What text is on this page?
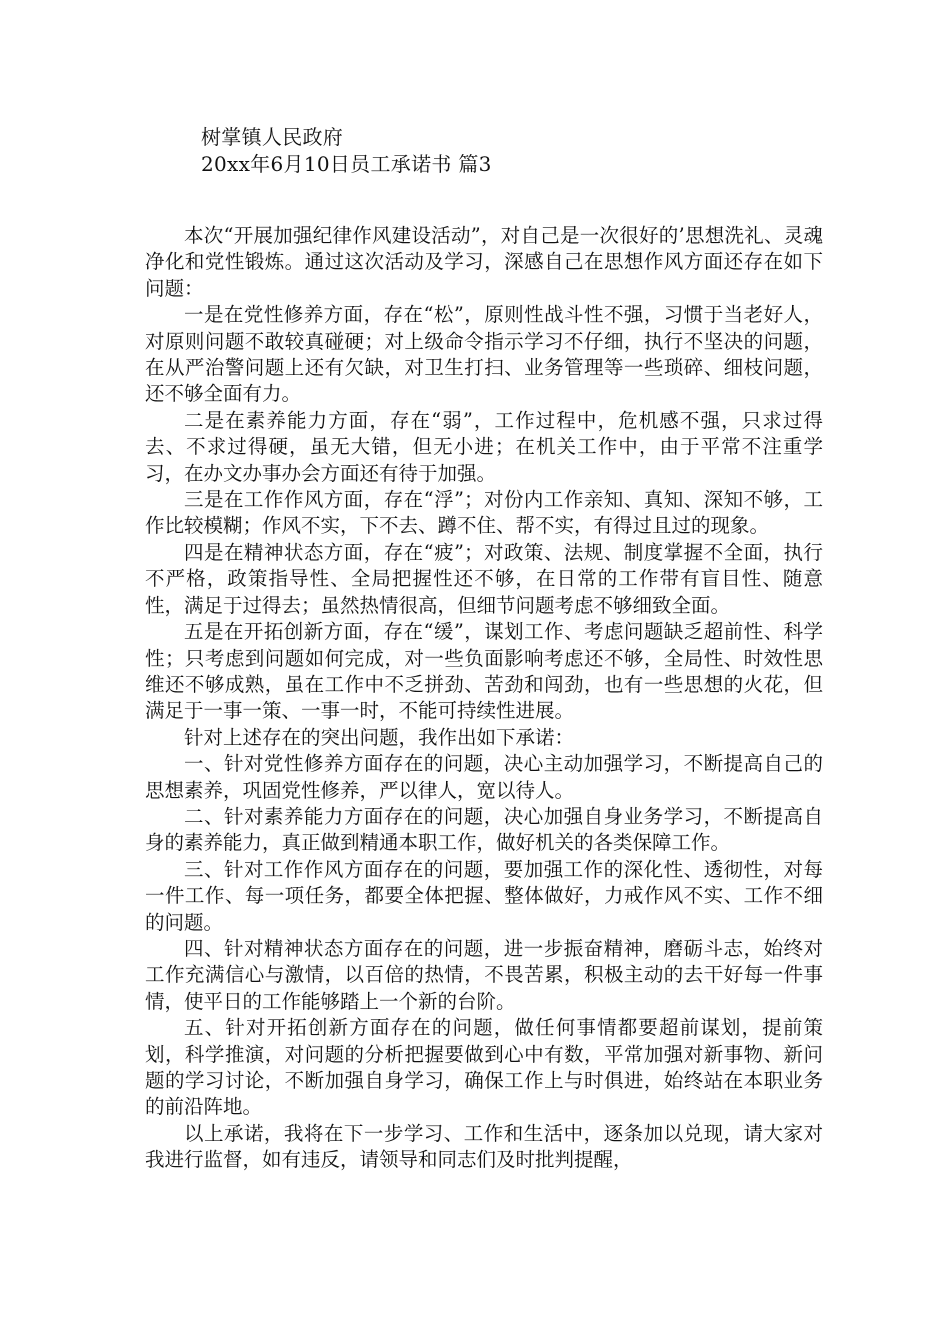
树掌镇人民政府
20xx年6月10日员工承诺书 篇3

本次“开展加强纪律作风建设活动”，对自己是一次很好的’思想洗礼、灵魂净化和党性锻炼。通过这次活动及学习，深感自己在思想作风方面还存在如下问题：

一是在党性修养方面，存在“松”，原则性战斗性不强，习惯于当老好人，对原则问题不敢较真碰硬；对上级命令指示学习不仔细，执行不坚决的问题，在从严治警问题上还有欠缺，对卫生打扫、业务管理等一些琐碎、细枝问题，还不够全面有力。

二是在素养能力方面，存在“弱”，工作过程中，危机感不强，只求过得去、不求过得硬，虽无大错，但无小进；在机关工作中，由于平常不注重学习，在办文办事办会方面还有待于加强。

三是在工作作风方面，存在“浮”；对份内工作亲知、真知、深知不够，工作比较模糊；作风不实，下不去、蹲不住、帮不实，有得过且过的现象。

四是在精神状态方面，存在“疲”；对政策、法规、制度掌握不全面，执行不严格，政策指导性、全局把握性还不够，在日常的工作带有盲目性、随意性，满足于过得去；虽然热情很高，但细节问题考虑不够细致全面。

五是在开拓创新方面，存在“缓”，谋划工作、考虑问题缺乏超前性、科学性；只考虑到问题如何完成，对一些负面影响考虑还不够，全局性、时效性思维还不够成熟，虽在工作中不乏拼劲、苦劲和闯劲，也有一些思想的火花，但满足于一事一策、一事一时，不能可持续性进展。

针对上述存在的突出问题，我作出如下承诺：

一、针对党性修养方面存在的问题，决心主动加强学习，不断提高自己的思想素养，巩固党性修养，严以律人，宽以待人。

二、针对素养能力方面存在的问题，决心加强自身业务学习，不断提高自身的素养能力，真正做到精通本职工作，做好机关的各类保障工作。

三、针对工作作风方面存在的问题，要加强工作的深化性、透彻性，对每一件工作、每一项任务，都要全体把握、整体做好，力戒作风不实、工作不细的问题。

四、针对精神状态方面存在的问题，进一步振奋精神，磨砺斗志，始终对工作充满信心与激情，以百倍的热情，不畏苦累，积极主动的去干好每一件事情，使平日的工作能够踏上一个新的台阶。

五、针对开拓创新方面存在的问题，做任何事情都要超前谋划，提前策划，科学推演，对问题的分析把握要做到心中有数，平常加强对新事物、新问题的学习讨论，不断加强自身学习，确保工作上与时俱进，始终站在本职业务的前沿阵地。

以上承诺，我将在下一步学习、工作和生活中，逐条加以兑现，请大家对我进行监督，如有违反，请领导和同志们及时批判提醒，
